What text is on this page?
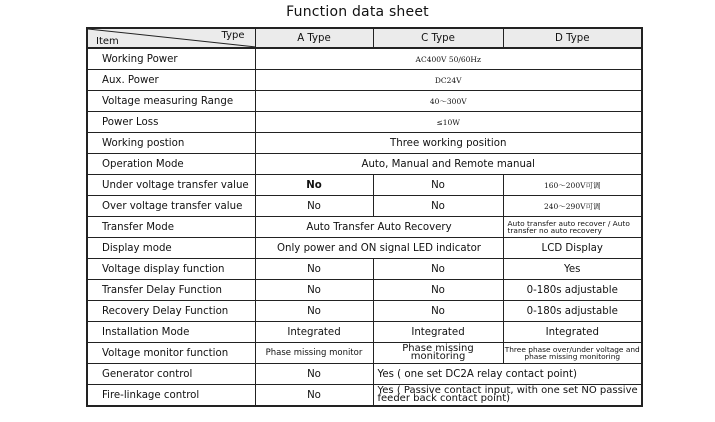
Function data sheet
Item
Type	A Type	C Type	D Type
Working Power	AC400V 50/60Hz		
Aux. Power	DC24V		
Voltage measuring Range	40～300V		
Power Loss	≤10W		
Working postion	Three working position		
Operation Mode	Auto, Manual and Remote manual		
Under voltage transfer value	No	No	160～200V可调
Over voltage transfer value	No	No	240～290V可调
Transfer Mode	Auto Transfer Auto Recovery		Auto transfer auto recover / Auto transfer no auto recovery
Display mode	Only power and ON signal LED indicator		LCD Display
Voltage display function	No	No	Yes
Transfer Delay Function	No	No	0-180s adjustable
Recovery Delay Function	No	No	0-180s adjustable
Installation Mode	Integrated	Integrated	Integrated
Voltage monitor function	Phase missing monitor	Phase missing monitoring	Three phase over/under voltage and phase missing monitoring
Generator control	No	Yes ( one set DC2A relay contact point)	
Fire-linkage control	No	Yes ( Passive contact input, with one set NO passive feeder back contact point)	
